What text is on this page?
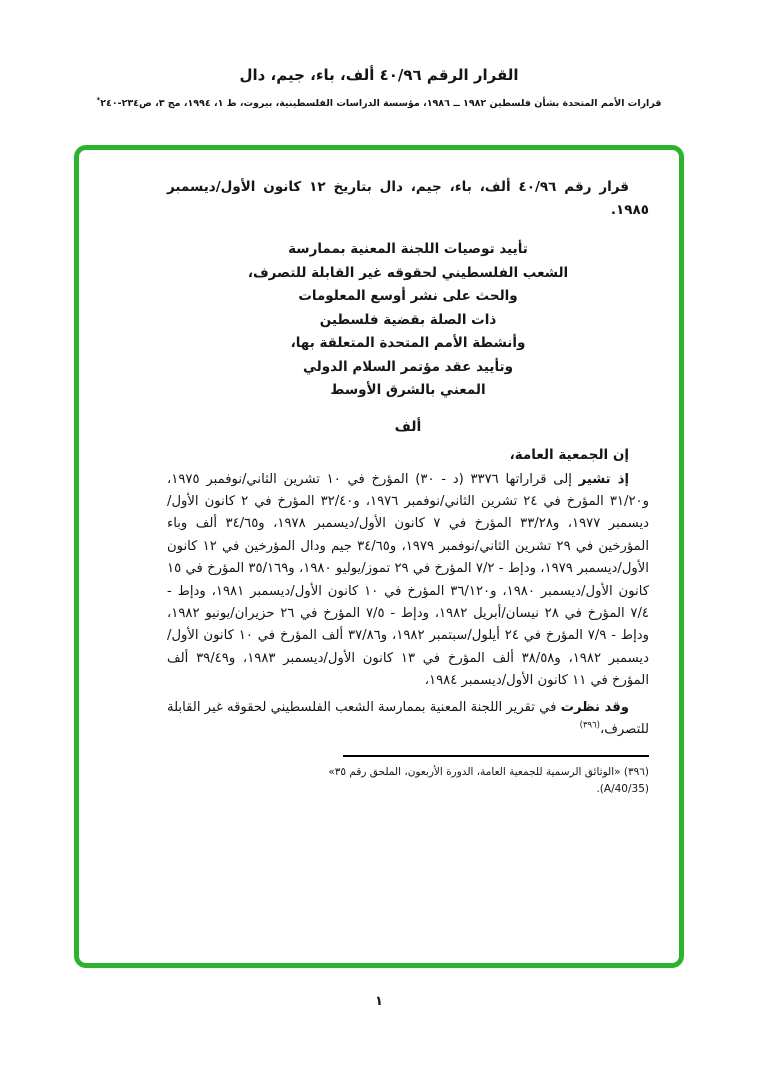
القرار الرقم ٤٠/٩٦ ألف، باء، جيم، دال
قرارات الأمم المتحدة بشأن فلسطين ١٩٨٢ ــ ١٩٨٦، مؤسسة الدراسات الفلسطينية، بيروت، ط ١، ١٩٩٤، مج ٣، ص٢٣٤-٢٤٠*

قرار رقم ٤٠/٩٦ ألف، باء، جيم، دال بتاريخ ١٢ كانون الأول/ديسمبر ١٩٨٥.

تأييد توصيات اللجنة المعنية بممارسة
الشعب الفلسطيني لحقوقه غير القابلة للتصرف،
والحث على نشر أوسع المعلومات
ذات الصلة بقضية فلسطين
وأنشطة الأمم المتحدة المتعلقة بها،
وتأييد عقد مؤتمر السلام الدولي
المعني بالشرق الأوسط
ألف

إن الجمعية العامة،

إذ تشير إلى قراراتها ٣٣٧٦ (د - ٣٠) المؤرخ في ١٠ تشرين الثاني/نوفمبر ١٩٧٥، و٣١/٢٠ المؤرخ في ٢٤ تشرين الثاني/نوفمبر ١٩٧٦، و٣٢/٤٠ المؤرخ في ٢ كانون الأول/ديسمبر ١٩٧٧، و٣٣/٢٨ المؤرخ في ٧ كانون الأول/ديسمبر ١٩٧٨، و٣٤/٦٥ ألف وباء المؤرخين في ٢٩ تشرين الثاني/نوفمبر ١٩٧٩، و٣٤/٦٥ جيم ودال المؤرخين في ١٢ كانون الأول/ديسمبر ١٩٧٩، ودإط - ٧/٢ المؤرخ في ٢٩ تموز/يوليو ١٩٨٠، و٣٥/١٦٩ المؤرخ في ١٥ كانون الأول/ديسمبر ١٩٨٠، و٣٦/١٢٠ المؤرخ في ١٠ كانون الأول/ديسمبر ١٩٨١، ودإط - ٧/٤ المؤرخ في ٢٨ نيسان/أبريل ١٩٨٢، ودإط - ٧/٥ المؤرخ في ٢٦ حزيران/يونيو ١٩٨٢، ودإط - ٧/٩ المؤرخ في ٢٤ أيلول/سبتمبر ١٩٨٢، و٣٧/٨٦ ألف المؤرخ في ١٠ كانون الأول/ديسمبر ١٩٨٢، و٣٨/٥٨ ألف المؤرخ في ١٣ كانون الأول/ديسمبر ١٩٨٣، و٣٩/٤٩ ألف المؤرخ في ١١ كانون الأول/ديسمبر ١٩٨٤،

وقد نظرت في تقرير اللجنة المعنية بممارسة الشعب الفلسطيني لحقوقه غير القابلة للتصرف،$^{(٣٩٦)}$

(٣٩٦) «الوثائق الرسمية للجمعية العامة، الدورة الأربعون، الملحق رقم ٣٥»
(A/40/35).
١
